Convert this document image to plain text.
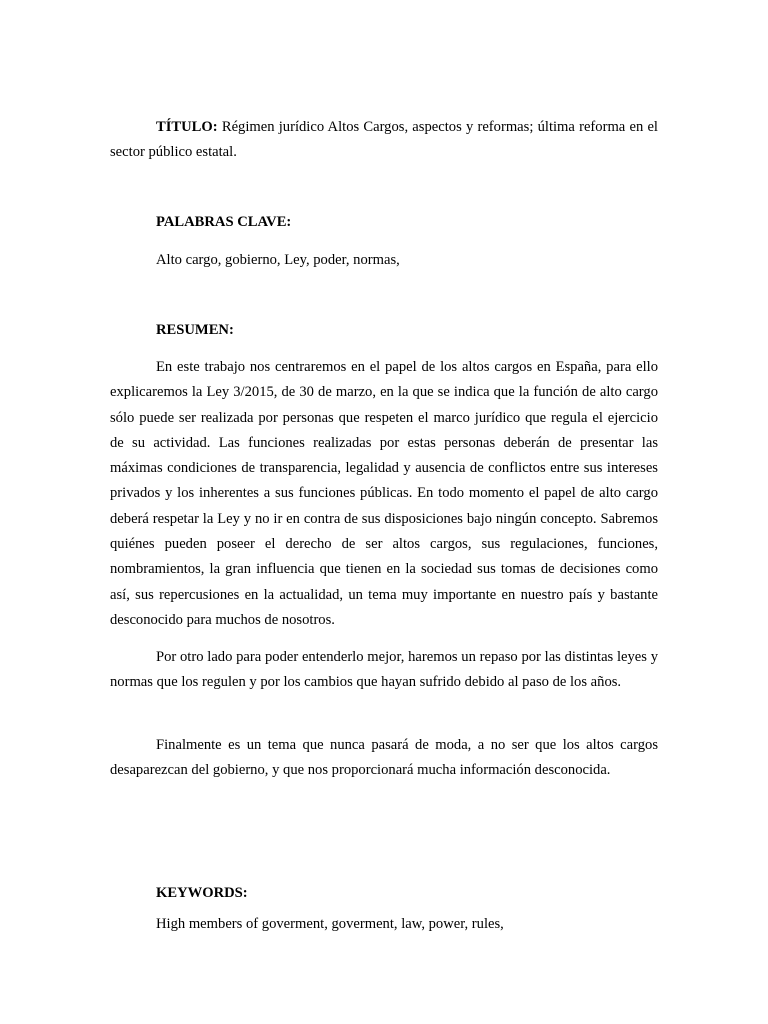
TÍTULO: Régimen jurídico Altos Cargos, aspectos y reformas; última reforma en el sector público estatal.

PALABRAS CLAVE:

Alto cargo, gobierno, Ley, poder, normas,

RESUMEN:

En este trabajo nos centraremos en el papel de los altos cargos en España, para ello explicaremos la Ley 3/2015, de 30 de marzo, en la que se indica que la función de alto cargo sólo puede ser realizada por personas que respeten el marco jurídico que regula el ejercicio de su actividad. Las funciones realizadas por estas personas deberán de presentar las máximas condiciones de transparencia, legalidad y ausencia de conflictos entre sus intereses privados y los inherentes a sus funciones públicas. En todo momento el papel de alto cargo deberá respetar la Ley y no ir en contra de sus disposiciones bajo ningún concepto. Sabremos quiénes pueden poseer el derecho de ser altos cargos, sus regulaciones, funciones, nombramientos, la gran influencia que tienen en la sociedad sus tomas de decisiones como así, sus repercusiones en la actualidad, un tema muy importante en nuestro país y bastante desconocido para muchos de nosotros.

Por otro lado para poder entenderlo mejor, haremos un repaso por las distintas leyes y normas que los regulen y por los cambios que hayan sufrido debido al paso de los años.

Finalmente es un tema que nunca pasará de moda, a no ser que los altos cargos desaparezcan del gobierno, y que nos proporcionará mucha información desconocida.

KEYWORDS:

High members of goverment, goverment, law, power, rules,
